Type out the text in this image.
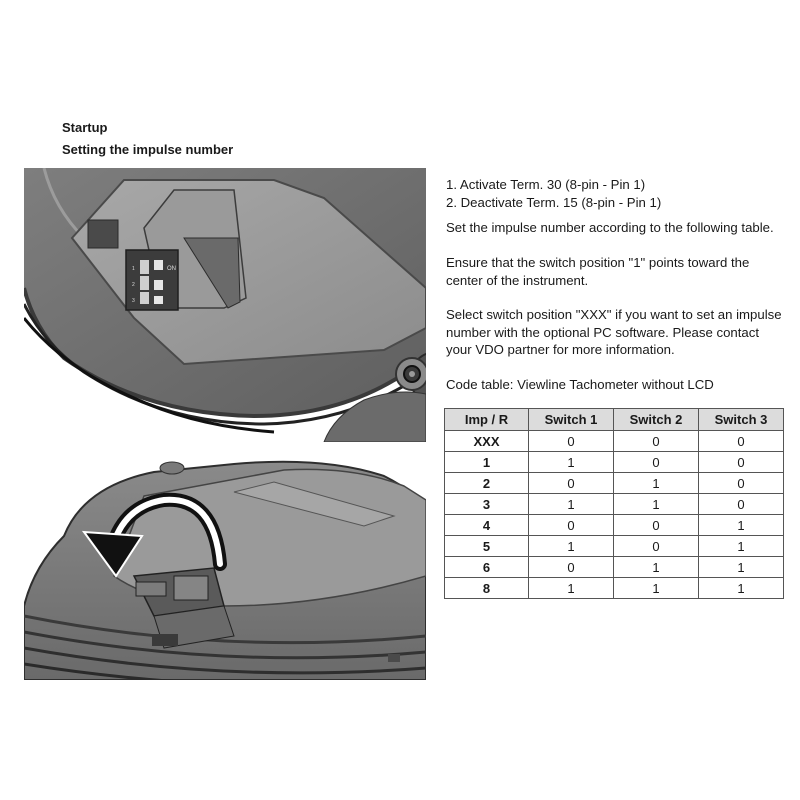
Startup
Setting the impulse number
ON
1
2
3
1. Activate Term. 30 (8-pin - Pin 1)
2. Deactivate Term. 15 (8-pin - Pin 1)

Set the impulse number according to the following table.

Ensure that the switch position "1" points toward the center of the instrument.

Select switch position "XXX" if you want to set an impulse number with the optional PC software. Please contact your VDO partner for more information.

Code table: Viewline Tachometer without LCD

Imp / R	Switch 1	Switch 2	Switch 3
XXX	0	0	0
1	1	0	0
2	0	1	0
3	1	1	0
4	0	0	1
5	1	0	1
6	0	1	1
8	1	1	1
